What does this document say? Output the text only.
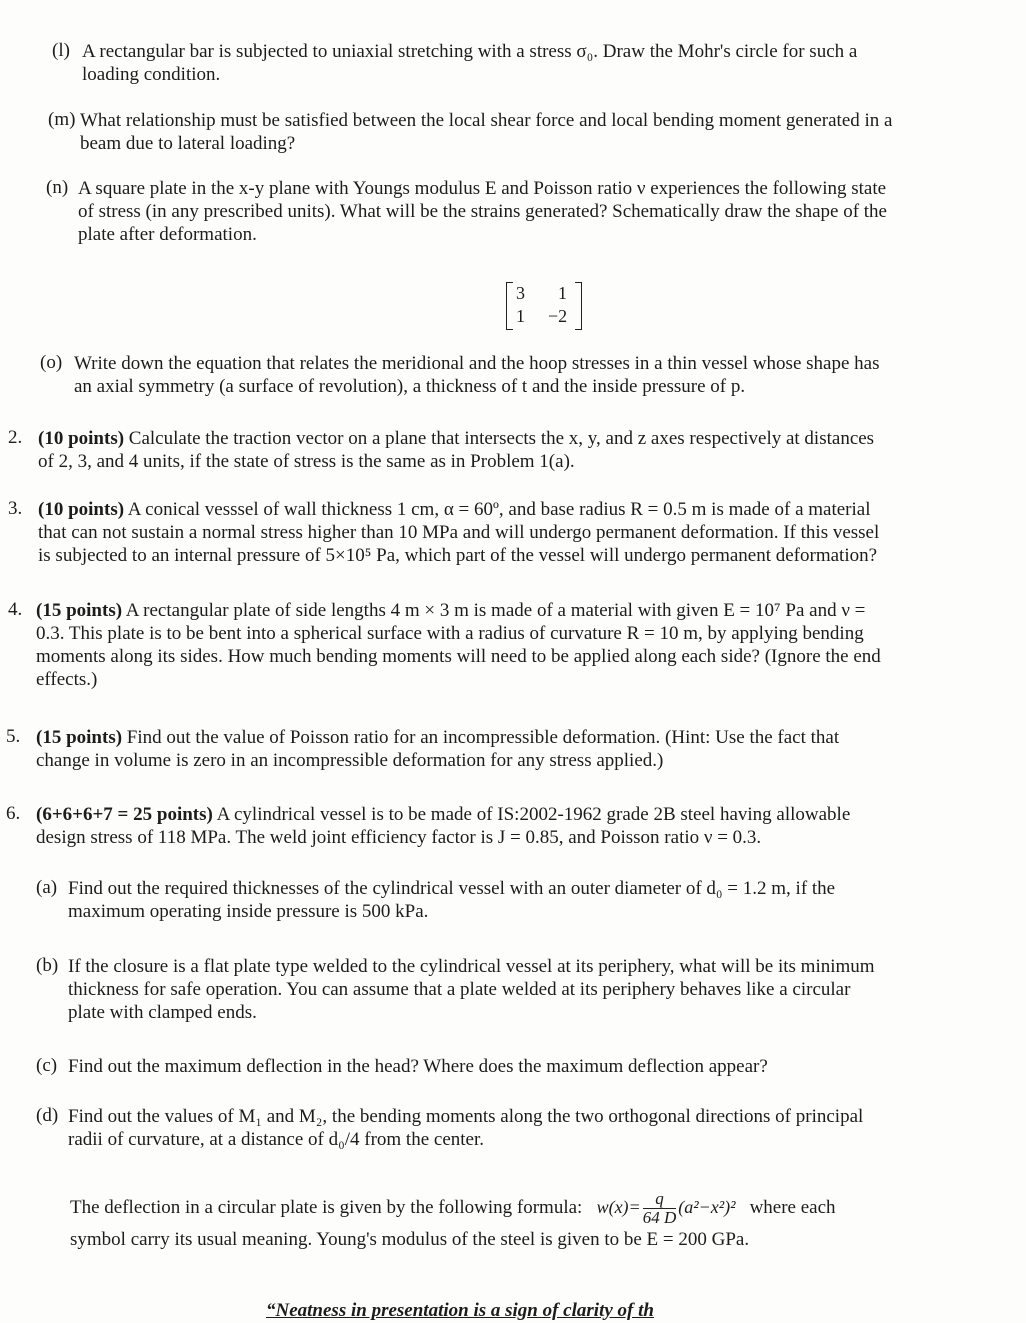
(l) A rectangular bar is subjected to uniaxial stretching with a stress σ₀. Draw the Mohr's circle for such a
loading condition.
(m) What relationship must be satisfied between the local shear force and local bending moment generated in a
beam due to lateral loading?
(n) A square plate in the x-y plane with Youngs modulus E and Poisson ratio ν experiences the following state
of stress (in any prescribed units). What will be the strains generated? Schematically draw the shape of the
plate after deformation.
3 1
1 −2
(o) Write down the equation that relates the meridional and the hoop stresses in a thin vessel whose shape has
an axial symmetry (a surface of revolution), a thickness of t and the inside pressure of p.
2. (10 points) Calculate the traction vector on a plane that intersects the x, y, and z axes respectively at distances
of 2, 3, and 4 units, if the state of stress is the same as in Problem 1(a).
3. (10 points) A conical vesssel of wall thickness 1 cm, α = 60º, and base radius R = 0.5 m is made of a material
that can not sustain a normal stress higher than 10 MPa and will undergo permanent deformation. If this vessel
is subjected to an internal pressure of 5×10⁵ Pa, which part of the vessel will undergo permanent deformation?
4. (15 points) A rectangular plate of side lengths 4 m × 3 m is made of a material with given E = 10⁷ Pa and ν =
0.3. This plate is to be bent into a spherical surface with a radius of curvature R = 10 m, by applying bending
moments along its sides. How much bending moments will need to be applied along each side? (Ignore the end
effects.)
5. (15 points) Find out the value of Poisson ratio for an incompressible deformation. (Hint: Use the fact that
change in volume is zero in an incompressible deformation for any stress applied.)
6. (6+6+6+7 = 25 points) A cylindrical vessel is to be made of IS:2002-1962 grade 2B steel having allowable
design stress of 118 MPa. The weld joint efficiency factor is J = 0.85, and Poisson ratio ν = 0.3.
(a) Find out the required thicknesses of the cylindrical vessel with an outer diameter of d₀ = 1.2 m, if the
maximum operating inside pressure is 500 kPa.
(b) If the closure is a flat plate type welded to the cylindrical vessel at its periphery, what will be its minimum
thickness for safe operation. You can assume that a plate welded at its periphery behaves like a circular
plate with clamped ends.
(c) Find out the maximum deflection in the head? Where does the maximum deflection appear?
(d) Find out the values of M₁ and M₂, the bending moments along the two orthogonal directions of principal
radii of curvature, at a distance of d₀/4 from the center.
The deflection in a circular plate is given by the following formula: $w(x)= \frac{q}{64 D} (a^2-x^2)^2$ where each
symbol carry its usual meaning. Young's modulus of the steel is given to be E = 200 GPa.
“Neatness in presentation is a sign of clarity of th
